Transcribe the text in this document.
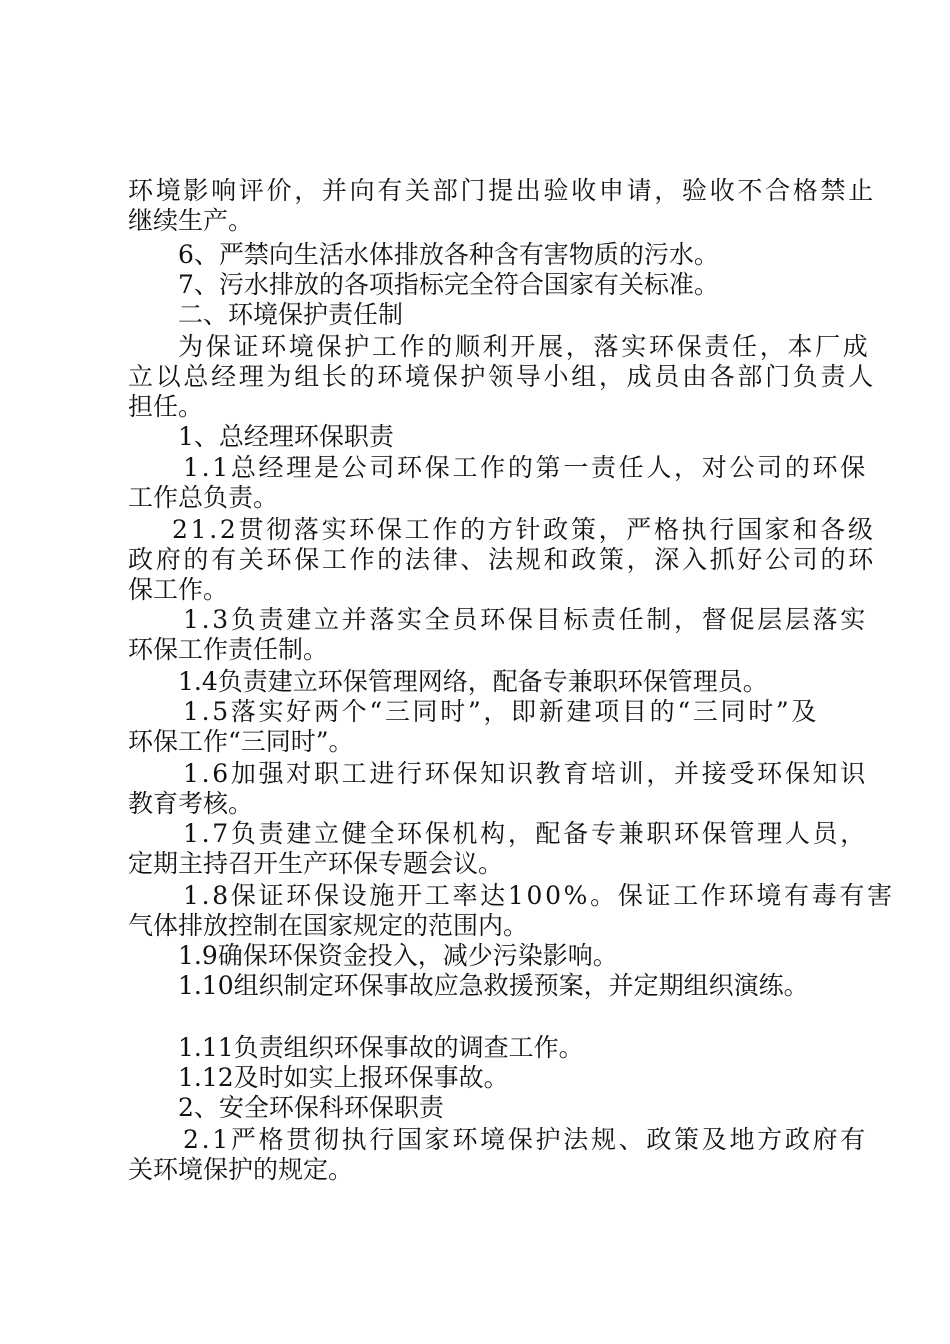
环境影响评价，并向有关部门提出验收申请，验收不合格禁止
继续生产。
6、严禁向生活水体排放各种含有害物质的污水。
7、污水排放的各项指标完全符合国家有关标准。
二、环境保护责任制
为保证环境保护工作的顺利开展，落实环保责任，本厂成
立以总经理为组长的环境保护领导小组，成员由各部门负责人
担任。
1、总经理环保职责
1.1总经理是公司环保工作的第一责任人，对公司的环保
工作总负责。
21.2贯彻落实环保工作的方针政策，严格执行国家和各级
政府的有关环保工作的法律、法规和政策，深入抓好公司的环
保工作。
1.3负责建立并落实全员环保目标责任制，督促层层落实
环保工作责任制。
1.4负责建立环保管理网络，配备专兼职环保管理员。
1.5落实好两个“三同时”，即新建项目的“三同时”及
环保工作“三同时”。
1.6加强对职工进行环保知识教育培训，并接受环保知识
教育考核。
1.7负责建立健全环保机构，配备专兼职环保管理人员，
定期主持召开生产环保专题会议。
1.8保证环保设施开工率达100%。保证工作环境有毒有害
气体排放控制在国家规定的范围内。
1.9确保环保资金投入，减少污染影响。
1.10组织制定环保事故应急救援预案，并定期组织演练。
1.11负责组织环保事故的调查工作。
1.12及时如实上报环保事故。
2、安全环保科环保职责
2.1严格贯彻执行国家环境保护法规、政策及地方政府有
关环境保护的规定。
